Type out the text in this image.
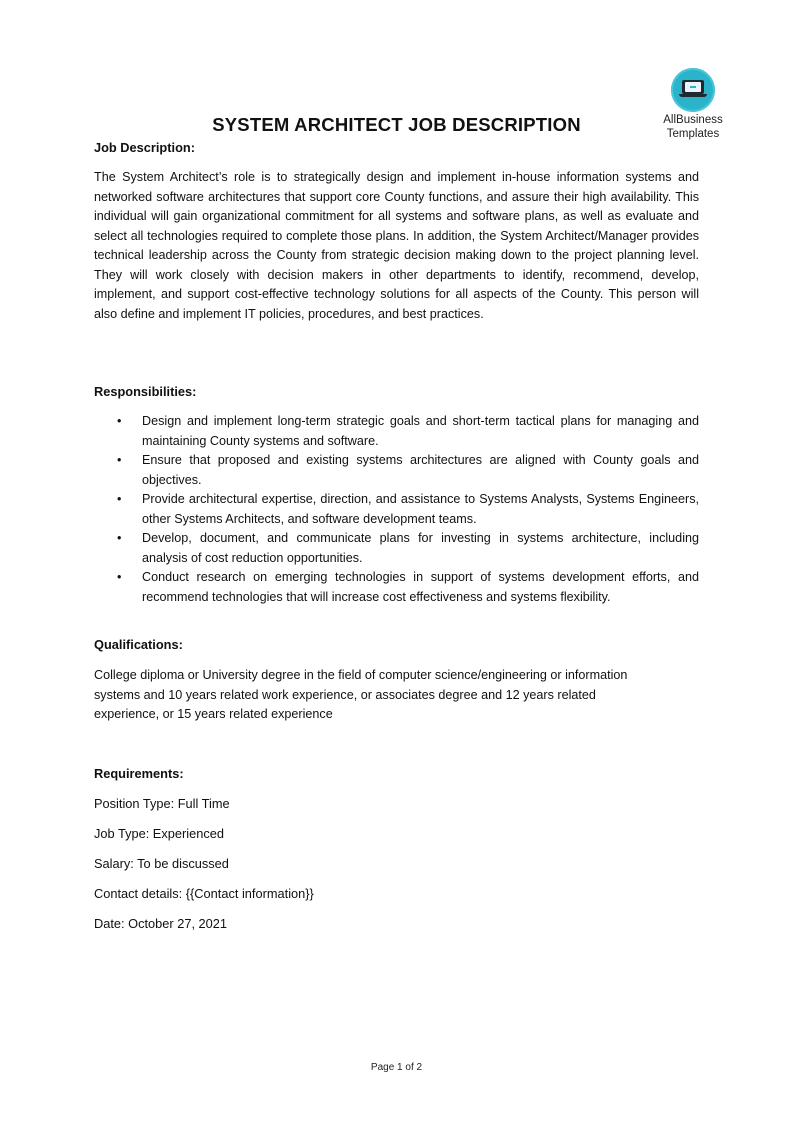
AllBusiness
Templates
SYSTEM ARCHITECT JOB DESCRIPTION

Job Description:

The System Architect’s role is to strategically design and implement in-house information systems and networked software architectures that support core County functions, and assure their high availability. This individual will gain organizational commitment for all systems and software plans, as well as evaluate and select all technologies required to complete those plans. In addition, the System Architect/Manager provides technical leadership across the County from strategic decision making down to the project planning level. They will work closely with decision makers in other departments to identify, recommend, develop, implement, and support cost-effective technology solutions for all aspects of the County. This person will also define and implement IT policies, procedures, and best practices.

Responsibilities:

• Design and implement long-term strategic goals and short-term tactical plans for managing and maintaining County systems and software.
• Ensure that proposed and existing systems architectures are aligned with County goals and objectives.
• Provide architectural expertise, direction, and assistance to Systems Analysts, Systems Engineers, other Systems Architects, and software development teams.
• Develop, document, and communicate plans for investing in systems architecture, including analysis of cost reduction opportunities.
• Conduct research on emerging technologies in support of systems development efforts, and recommend technologies that will increase cost effectiveness and systems flexibility.

Qualifications:

College diploma or University degree in the field of computer science/engineering or information

systems and 10 years related work experience, or associates degree and 12 years related

experience, or 15 years related experience

Requirements:

Position Type: Full Time

Job Type: Experienced

Salary: To be discussed

Contact details: {{Contact information}}

Date: October 27, 2021

Page 1 of 2
